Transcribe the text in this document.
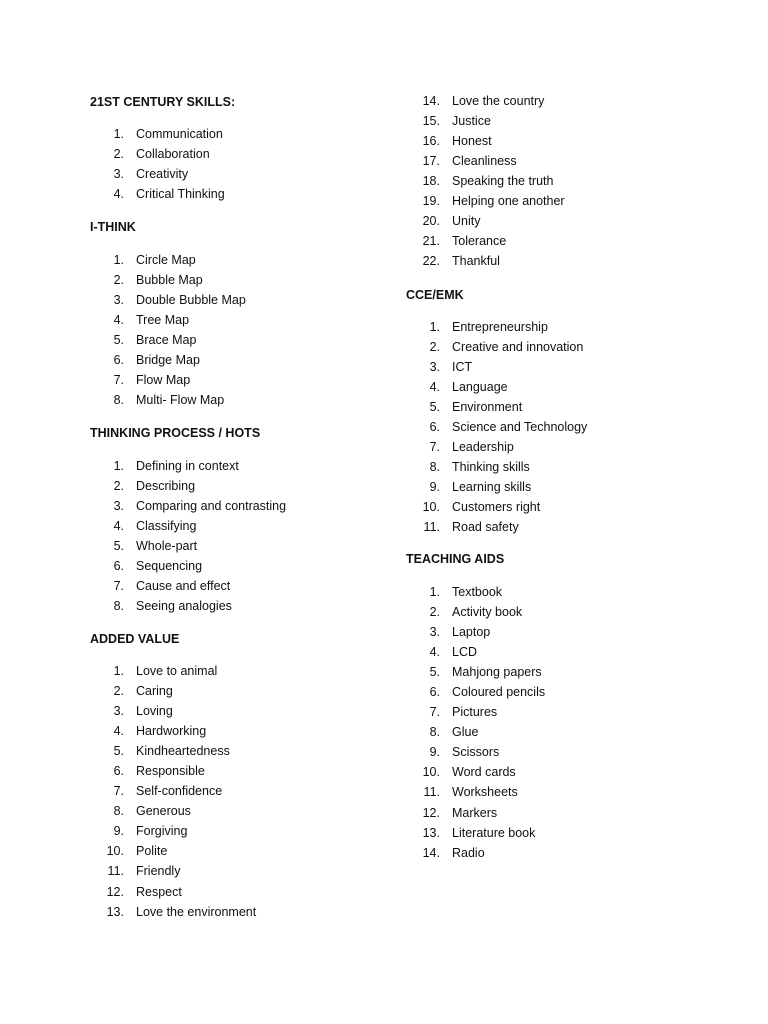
21ST CENTURY SKILLS:
1. Communication
2. Collaboration
3. Creativity
4. Critical Thinking
I-THINK
1. Circle Map
2. Bubble Map
3. Double Bubble Map
4. Tree Map
5. Brace Map
6. Bridge Map
7. Flow Map
8. Multi- Flow Map
THINKING PROCESS / HOTS
1. Defining in context
2. Describing
3. Comparing and contrasting
4. Classifying
5. Whole-part
6. Sequencing
7. Cause and effect
8. Seeing analogies
ADDED VALUE
1. Love to animal
2. Caring
3. Loving
4. Hardworking
5. Kindheartedness
6. Responsible
7. Self-confidence
8. Generous
9. Forgiving
10. Polite
11. Friendly
12. Respect
13. Love the environment
14. Love the country
15. Justice
16. Honest
17. Cleanliness
18. Speaking the truth
19. Helping one another
20. Unity
21. Tolerance
22. Thankful
CCE/EMK
1. Entrepreneurship
2. Creative and innovation
3. ICT
4. Language
5. Environment
6. Science and Technology
7. Leadership
8. Thinking skills
9. Learning skills
10. Customers right
11. Road safety
TEACHING AIDS
1. Textbook
2. Activity book
3. Laptop
4. LCD
5. Mahjong papers
6. Coloured pencils
7. Pictures
8. Glue
9. Scissors
10. Word cards
11. Worksheets
12. Markers
13. Literature book
14. Radio
